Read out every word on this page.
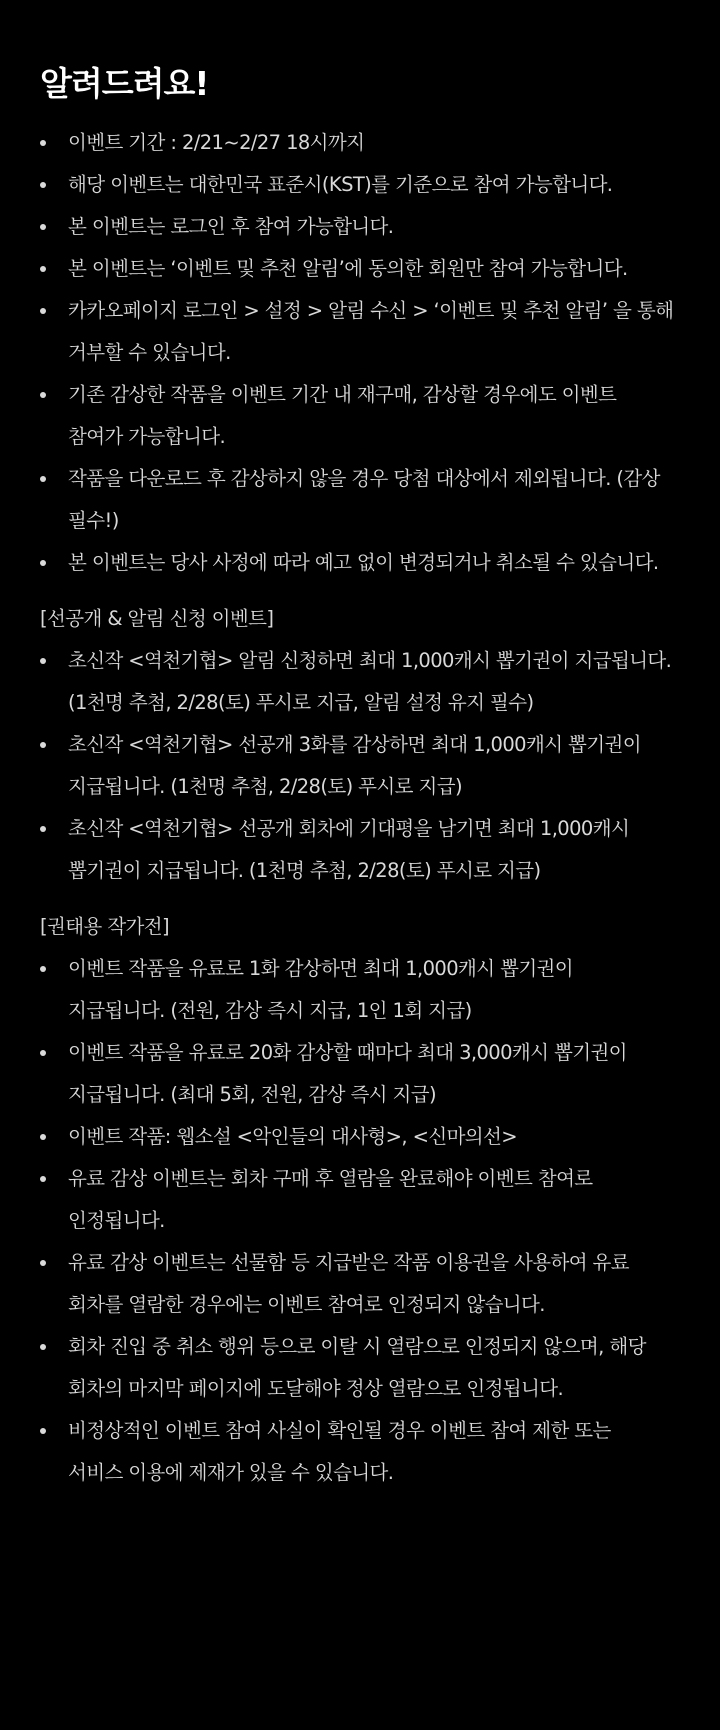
알려드려요!
이벤트 기간 : 2/21~2/27 18시까지
해당 이벤트는 대한민국 표준시(KST)를 기준으로 참여 가능합니다.
본 이벤트는 로그인 후 참여 가능합니다.
본 이벤트는 ‘이벤트 및 추천 알림’에 동의한 회원만 참여 가능합니다.
카카오페이지 로그인 > 설정 > 알림 수신 > ‘이벤트 및 추천 알림’ 을 통해
거부할 수 있습니다.
기존 감상한 작품을 이벤트 기간 내 재구매, 감상할 경우에도 이벤트
참여가 가능합니다.
작품을 다운로드 후 감상하지 않을 경우 당첨 대상에서 제외됩니다. (감상
필수!)
본 이벤트는 당사 사정에 따라 예고 없이 변경되거나 취소될 수 있습니다.
[선공개 & 알림 신청 이벤트]
초신작 <역천기협> 알림 신청하면 최대 1,000캐시 뽑기권이 지급됩니다.
(1천명 추첨, 2/28(토) 푸시로 지급, 알림 설정 유지 필수)
초신작 <역천기협> 선공개 3화를 감상하면 최대 1,000캐시 뽑기권이
지급됩니다. (1천명 추첨, 2/28(토) 푸시로 지급)
초신작 <역천기협> 선공개 회차에 기대평을 남기면 최대 1,000캐시
뽑기권이 지급됩니다. (1천명 추첨, 2/28(토) 푸시로 지급)
[권태용 작가전]
이벤트 작품을 유료로 1화 감상하면 최대 1,000캐시 뽑기권이
지급됩니다. (전원, 감상 즉시 지급, 1인 1회 지급)
이벤트 작품을 유료로 20화 감상할 때마다 최대 3,000캐시 뽑기권이
지급됩니다. (최대 5회, 전원, 감상 즉시 지급)
이벤트 작품: 웹소설 <악인들의 대사형>, <신마의선>
유료 감상 이벤트는 회차 구매 후 열람을 완료해야 이벤트 참여로
인정됩니다.
유료 감상 이벤트는 선물함 등 지급받은 작품 이용권을 사용하여 유료
회차를 열람한 경우에는 이벤트 참여로 인정되지 않습니다.
회차 진입 중 취소 행위 등으로 이탈 시 열람으로 인정되지 않으며, 해당
회차의 마지막 페이지에 도달해야 정상 열람으로 인정됩니다.
비정상적인 이벤트 참여 사실이 확인될 경우 이벤트 참여 제한 또는
서비스 이용에 제재가 있을 수 있습니다.
